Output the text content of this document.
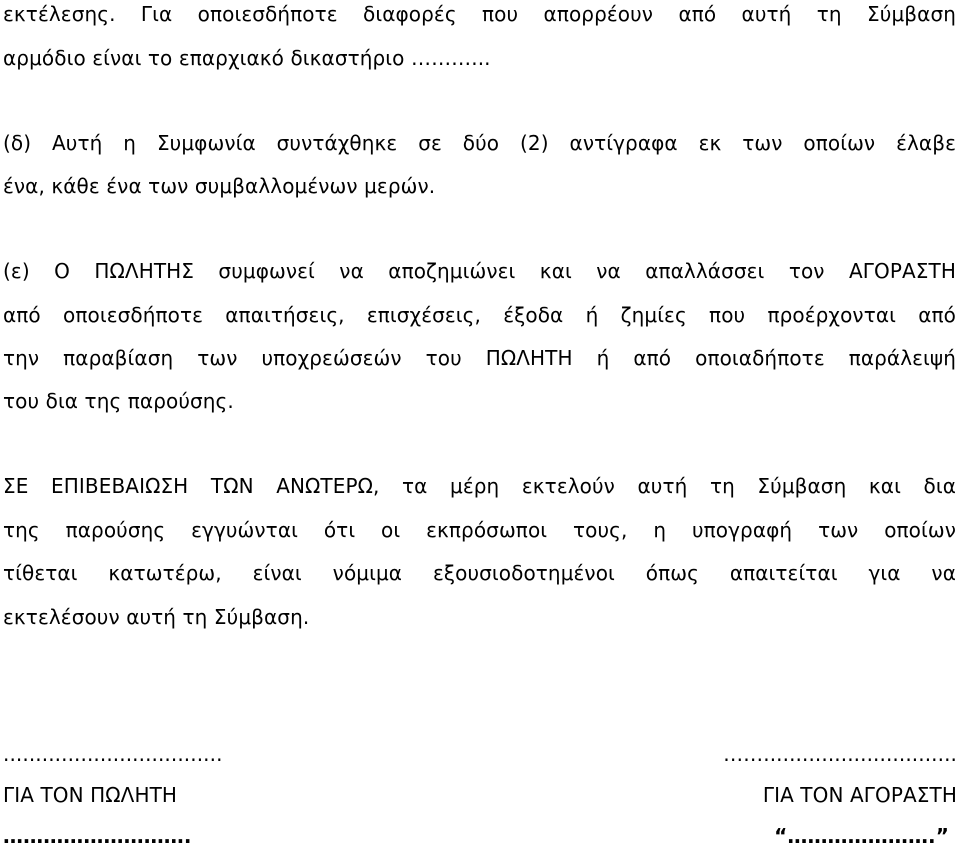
εκτέλεσης. Για οποιεσδήποτε διαφορές που απορρέουν από αυτή τη Σύμβαση
αρμόδιο είναι το επαρχιακό δικαστήριο ………...
(δ) Αυτή η Συμφωνία συντάχθηκε σε δύο (2) αντίγραφα εκ των οποίων έλαβε
ένα, κάθε ένα των συμβαλλομένων μερών.
(ε) Ο ΠΩΛΗΤΗΣ συμφωνεί να αποζημιώνει και να απαλλάσσει τον ΑΓΟΡΑΣΤΗ
από οποιεσδήποτε απαιτήσεις, επισχέσεις, έξοδα ή ζημίες που προέρχονται από
την παραβίαση των υποχρεώσεών του ΠΩΛΗΤΗ ή από οποιαδήποτε παράλειψή
του δια της παρούσης.
ΣΕ ΕΠΙΒΕΒΑΙΩΣΗ ΤΩΝ ΑΝΩΤΕΡΩ, τα μέρη εκτελούν αυτή τη Σύμβαση και δια
της παρούσης εγγυώνται ότι οι εκπρόσωποι τους, η υπογραφή των οποίων
τίθεται κατωτέρω, είναι νόμιμα εξουσιοδοτημένοι όπως απαιτείται για να
εκτελέσουν αυτή τη Σύμβαση.
..................................	……..............................
ΓΙΑ ΤΟΝ ΠΩΛΗΤΗ	ΓΙΑ ΤΟΝ ΑΓΟΡΑΣΤΗ
……………………….	“………………….”
